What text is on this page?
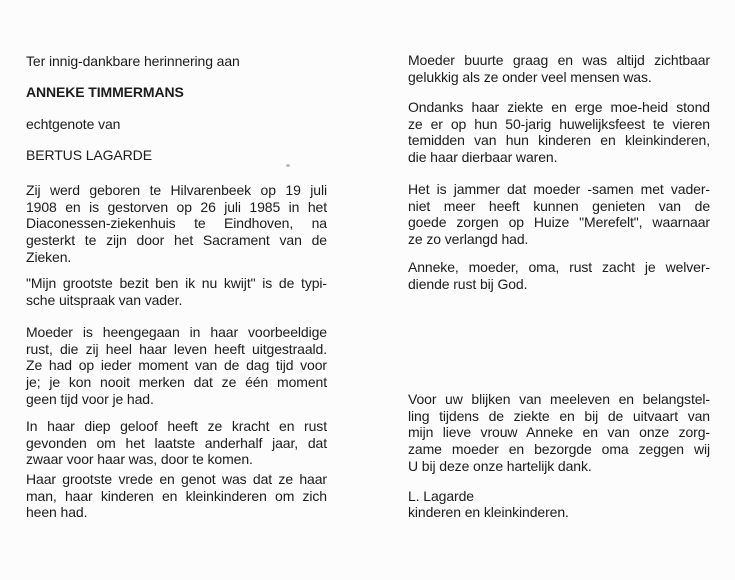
Ter innig-dankbare herinnering aan
ANNEKE TIMMERMANS
echtgenote van
BERTUS LAGARDE
Zij werd geboren te Hilvarenbeek op 19 juli
1908 en is gestorven op 26 juli 1985 in het
Diaconessen-ziekenhuis te Eindhoven, na
gesterkt te zijn door het Sacrament van de
Zieken.
"Mijn grootste bezit ben ik nu kwijt" is de typi-
sche uitspraak van vader.
Moeder is heengegaan in haar voorbeeldige
rust, die zij heel haar leven heeft uitgestraald.
Ze had op ieder moment van de dag tijd voor
je; je kon nooit merken dat ze één moment
geen tijd voor je had.
In haar diep geloof heeft ze kracht en rust
gevonden om het laatste anderhalf jaar, dat
zwaar voor haar was, door te komen.
Haar grootste vrede en genot was dat ze haar
man, haar kinderen en kleinkinderen om zich
heen had.
Moeder buurte graag en was altijd zichtbaar
gelukkig als ze onder veel mensen was.
Ondanks haar ziekte en erge moe-heid stond
ze er op hun 50-jarig huwelijksfeest te vieren
temidden van hun kinderen en kleinkinderen,
die haar dierbaar waren.
Het is jammer dat moeder -samen met vader-
niet meer heeft kunnen genieten van de
goede zorgen op Huize "Merefelt", waarnaar
ze zo verlangd had.
Anneke, moeder, oma, rust zacht je welver-
diende rust bij God.
Voor uw blijken van meeleven en belangstel-
ling tijdens de ziekte en bij de uitvaart van
mijn lieve vrouw Anneke en van onze zorg-
zame moeder en bezorgde oma zeggen wij
U bij deze onze hartelijk dank.
L. Lagarde
kinderen en kleinkinderen.
